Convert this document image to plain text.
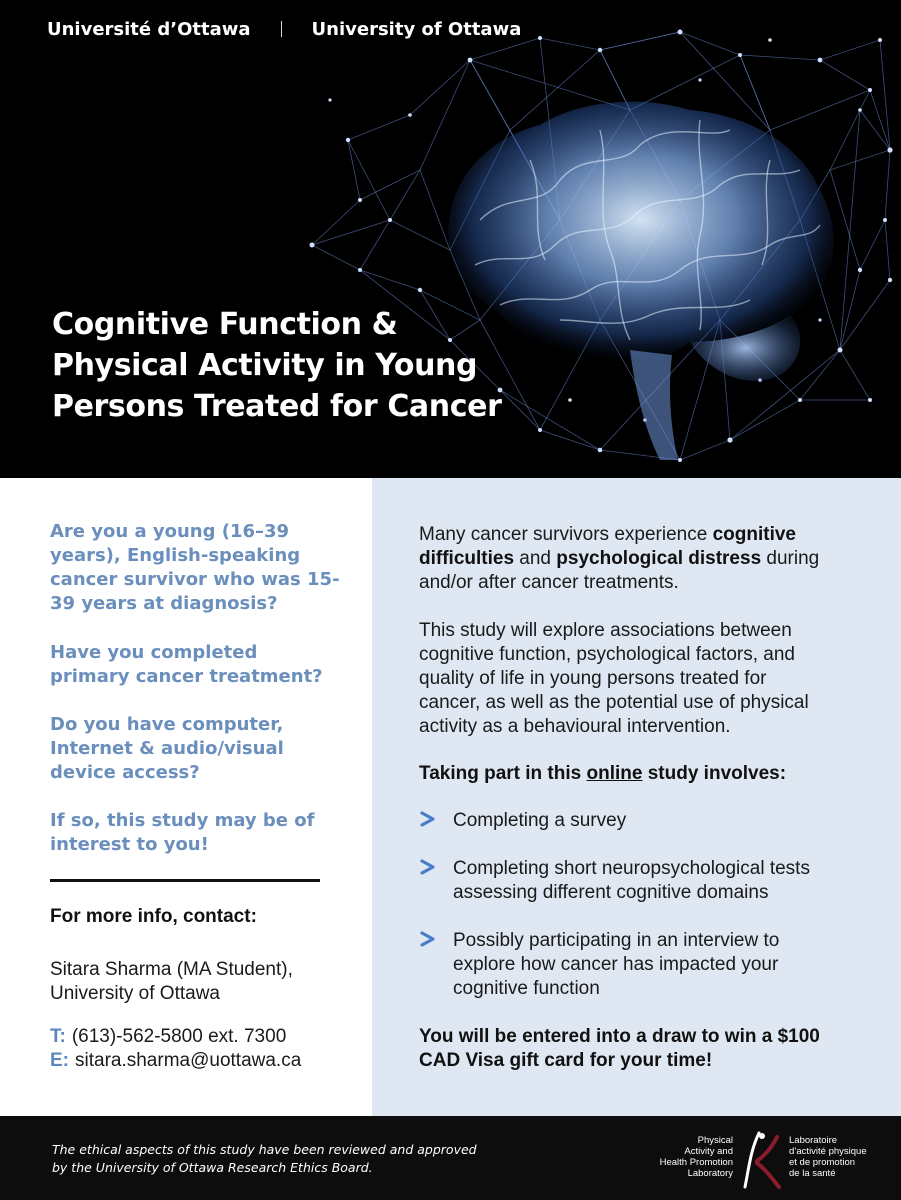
Université d’Ottawa	University of Ottawa
Cognitive Function &
Physical Activity in Young
Persons Treated for Cancer
Are you a young (16–39
years), English-speaking
cancer survivor who was 15-
39 years at diagnosis?
Have you completed
primary cancer treatment?
Do you have computer,
Internet & audio/visual
device access?
If so, this study may be of
interest to you!
For more info, contact:
Sitara Sharma (MA Student),
University of Ottawa
T: (613)-562-5800 ext. 7300
E: sitara.sharma@uottawa.ca
Many cancer survivors experience cognitive
difficulties and psychological distress during
and/or after cancer treatments.
This study will explore associations between
cognitive function, psychological factors, and
quality of life in young persons treated for
cancer, as well as the potential use of physical
activity as a behavioural intervention.
Taking part in this online study involves:
Completing a survey
Completing short neuropsychological tests
assessing different cognitive domains
Possibly participating in an interview to
explore how cancer has impacted your
cognitive function
You will be entered into a draw to win a $100
CAD Visa gift card for your time!
The ethical aspects of this study have been reviewed and approved
by the University of Ottawa Research Ethics Board.
Physical
Activity and
Health Promotion
Laboratory
Laboratoire
d’activité physique
et de promotion
de la santé
